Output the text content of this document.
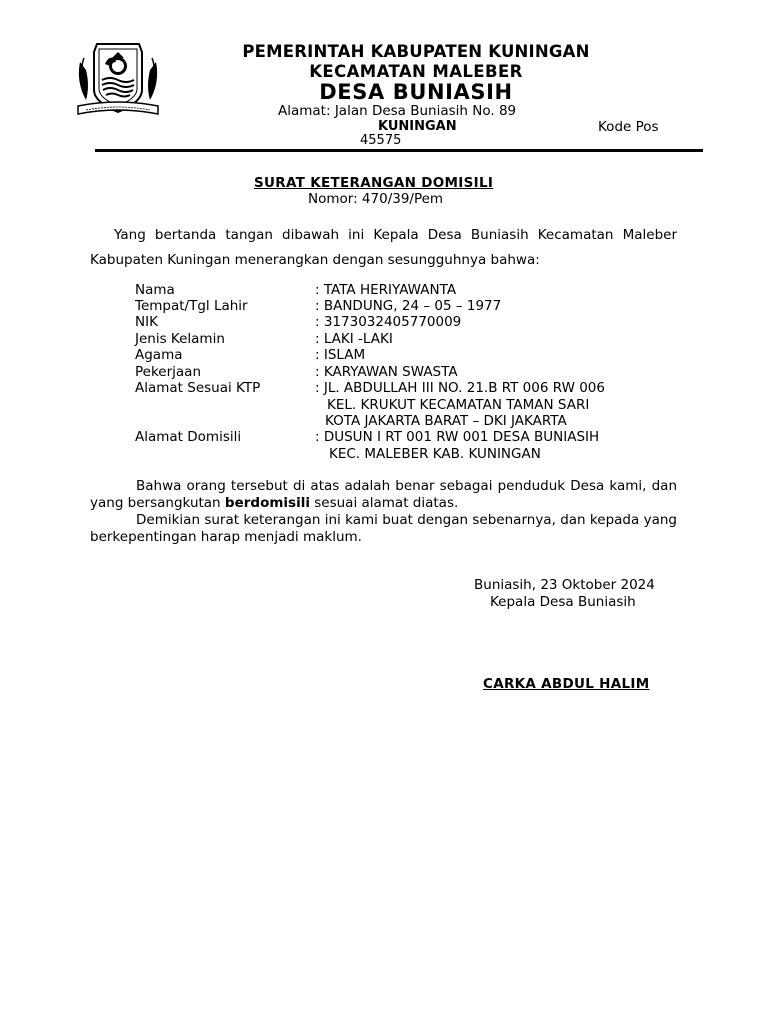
PEMERINTAH KABUPATEN KUNINGAN
KECAMATAN MALEBER
DESA BUNIASIH
Alamat: Jalan Desa Buniasih No. 89
KUNINGAN	Kode Pos
45575
SURAT KETERANGAN DOMISILI
Nomor: 470/39/Pem
Yang bertanda tangan dibawah ini Kepala Desa Buniasih Kecamatan Maleber Kabupaten Kuningan menerangkan dengan sesungguhnya bahwa:
Nama	: TATA HERIYAWANTA
Tempat/Tgl Lahir	: BANDUNG, 24 – 05 – 1977
NIK	: 3173032405770009
Jenis Kelamin	: LAKI -LAKI
Agama	: ISLAM
Pekerjaan	: KARYAWAN SWASTA
Alamat Sesuai KTP	: JL. ABDULLAH III NO. 21.B RT 006 RW 006
KEL. KRUKUT KECAMATAN TAMAN SARI
KOTA JAKARTA BARAT – DKI JAKARTA
Alamat Domisili	: DUSUN I RT 001 RW 001 DESA BUNIASIH
KEC. MALEBER KAB. KUNINGAN
Bahwa orang tersebut di atas adalah benar sebagai penduduk Desa kami, dan yang bersangkutan berdomisili sesuai alamat diatas.
Demikian surat keterangan ini kami buat dengan sebenarnya, dan kepada yang berkepentingan harap menjadi maklum.
Buniasih, 23 Oktober 2024
Kepala Desa Buniasih
CARKA ABDUL HALIM
